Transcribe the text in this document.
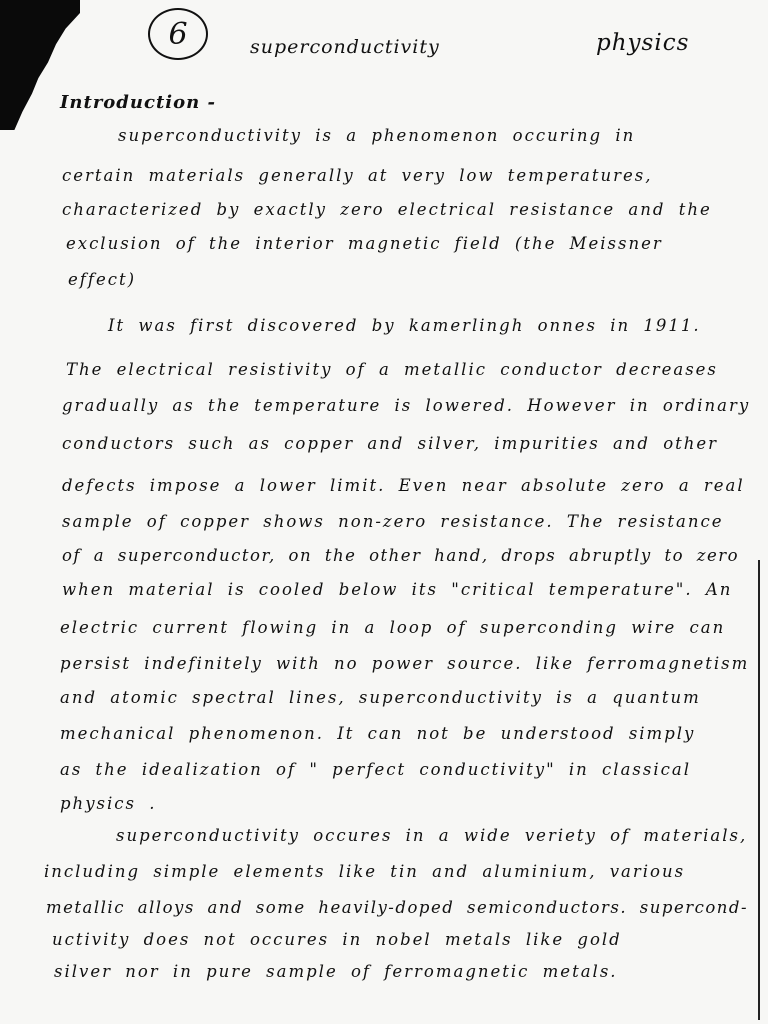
6	superconductivity	physics
Introduction -
superconductivity is a phenomenon occuring in
certain materials generally at very low temperatures,
characterized by exactly zero electrical resistance and the
exclusion of the interior magnetic field (the Meissner
effect)
It was first discovered by kamerlingh onnes in 1911.
The electrical resistivity of a metallic conductor decreases
gradually as the temperature is lowered. However in ordinary
conductors such as copper and silver, impurities and other
defects impose a lower limit. Even near absolute zero a real
sample of copper shows non-zero resistance. The resistance
of a superconductor, on the other hand, drops abruptly to zero
when material is cooled below its "critical temperature". An
electric current flowing in a loop of superconding wire can
persist indefinitely with no power source. like ferromagnetism
and atomic spectral lines, superconductivity is a quantum
mechanical phenomenon. It can not be understood simply
as the idealization of " perfect conductivity" in classical
physics .
superconductivity occures in a wide veriety of materials,
including simple elements like tin and aluminium, various
metallic alloys and some heavily-doped semiconductors. supercond-
uctivity does not occures in nobel metals like gold
silver nor in pure sample of ferromagnetic metals.
